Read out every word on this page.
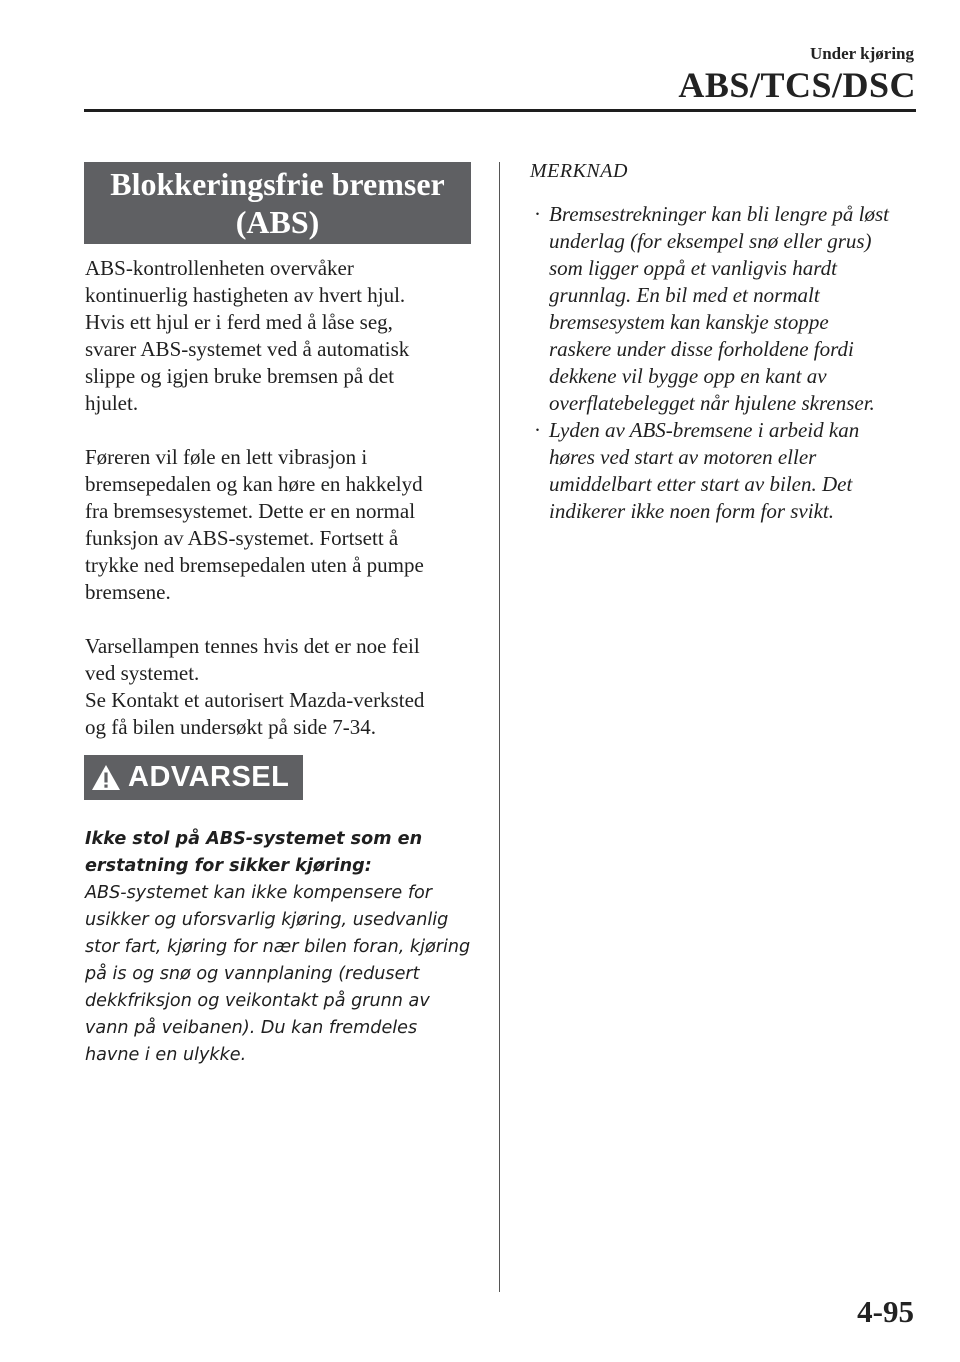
Under kjøring
ABS/TCS/DSC
Blokkeringsfrie bremser
(ABS)

ABS-kontrollenheten overvåker
kontinuerlig hastigheten av hvert hjul.
Hvis ett hjul er i ferd med å låse seg,
svarer ABS-systemet ved å automatisk
slippe og igjen bruke bremsen på det
hjulet.

Føreren vil føle en lett vibrasjon i
bremsepedalen og kan høre en hakkelyd
fra bremsesystemet. Dette er en normal
funksjon av ABS-systemet. Fortsett å
trykke ned bremsepedalen uten å pumpe
bremsene.

Varsellampen tennes hvis det er noe feil
ved systemet.
Se Kontakt et autorisert Mazda-verksted
og få bilen undersøkt på side 7-34.

ADVARSEL

Ikke stol på ABS-systemet som en
erstatning for sikker kjøring:

ABS-systemet kan ikke kompensere for
usikker og uforsvarlig kjøring, usedvanlig
stor fart, kjøring for nær bilen foran, kjøring
på is og snø og vannplaning (redusert
dekkfriksjon og veikontakt på grunn av
vann på veibanen). Du kan fremdeles
havne i en ulykke.

MERKNAD
· Bremsestrekninger kan bli lengre på løst
underlag (for eksempel snø eller grus)
som ligger oppå et vanligvis hardt
grunnlag. En bil med et normalt
bremsesystem kan kanskje stoppe
raskere under disse forholdene fordi
dekkene vil bygge opp en kant av
overflatebelegget når hjulene skrenser.
· Lyden av ABS-bremsene i arbeid kan
høres ved start av motoren eller
umiddelbart etter start av bilen. Det
indikerer ikke noen form for svikt.
4-95
